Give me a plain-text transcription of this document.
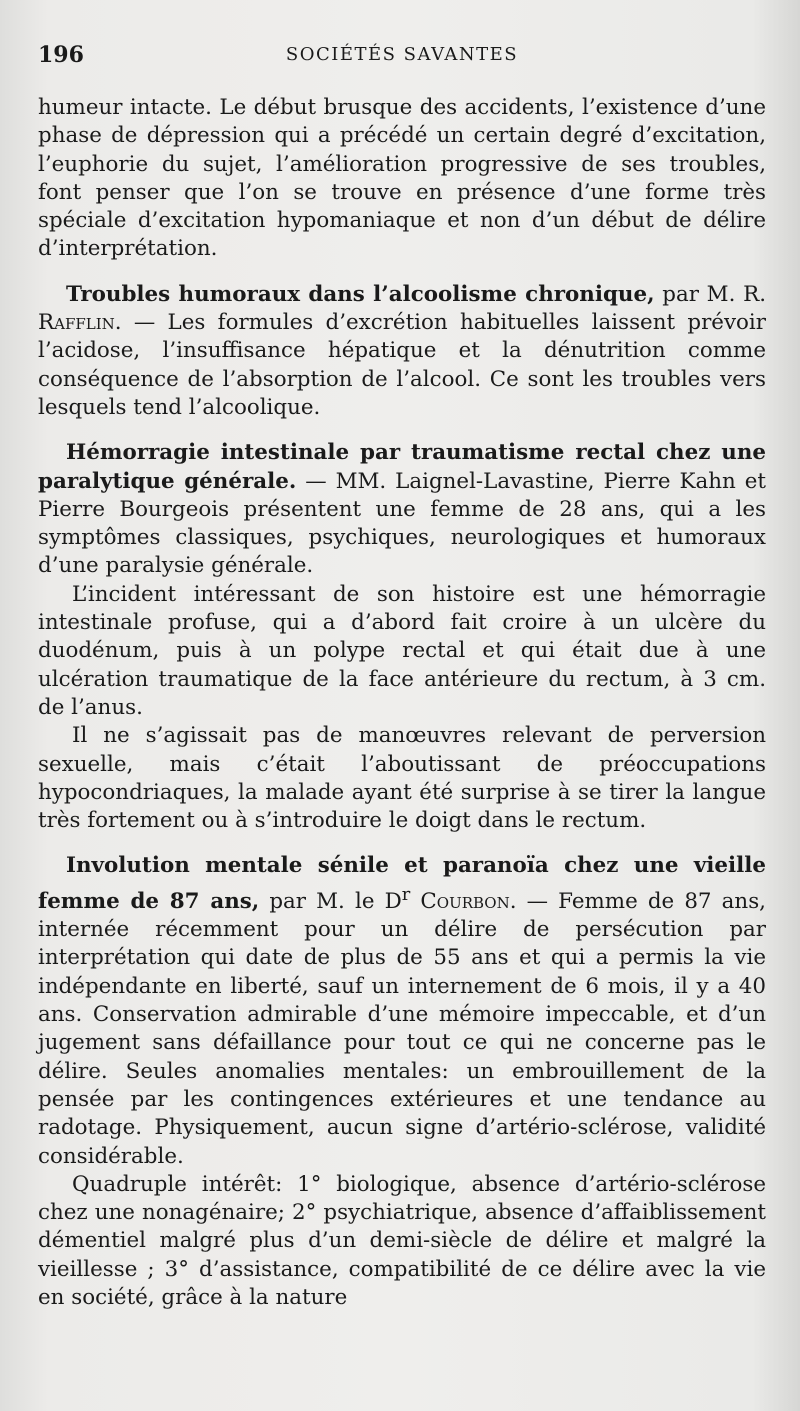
196	SOCIÉTÉS SAVANTES

humeur intacte. Le début brusque des accidents, l’existence d’une phase de dépression qui a précédé un certain degré d’excitation, l’euphorie du sujet, l’amélioration progressive de ses troubles, font penser que l’on se trouve en présence d’une forme très spéciale d’excitation hypomaniaque et non d’un début de délire d’interprétation.

Troubles humoraux dans l’alcoolisme chronique, par M. R. Rafflin. — Les formules d’excrétion habituelles laissent prévoir l’acidose, l’insuffisance hépatique et la dénutrition comme conséquence de l’absorption de l’alcool. Ce sont les troubles vers lesquels tend l’alcoolique.

Hémorragie intestinale par traumatisme rectal chez une paralytique générale. — MM. Laignel-Lavastine, Pierre Kahn et Pierre Bourgeois présentent une femme de 28 ans, qui a les symptômes classiques, psychiques, neurologiques et humoraux d’une paralysie générale.

L’incident intéressant de son histoire est une hémorragie intestinale profuse, qui a d’abord fait croire à un ulcère du duodénum, puis à un polype rectal et qui était due à une ulcération traumatique de la face antérieure du rectum, à 3 cm. de l’anus.

Il ne s’agissait pas de manœuvres relevant de perversion sexuelle, mais c’était l’aboutissant de préoccupations hypocondriaques, la malade ayant été surprise à se tirer la langue très fortement ou à s’introduire le doigt dans le rectum.

Involution mentale sénile et paranoïa chez une vieille femme de 87 ans, par M. le $D^r$ Courbon. — Femme de 87 ans, internée récemment pour un délire de persécution par interprétation qui date de plus de 55 ans et qui a permis la vie indépendante en liberté, sauf un internement de 6 mois, il y a 40 ans. Conservation admirable d’une mémoire impeccable, et d’un jugement sans défaillance pour tout ce qui ne concerne pas le délire. Seules anomalies mentales: un embrouillement de la pensée par les contingences extérieures et une tendance au radotage. Physiquement, aucun signe d’artério-sclérose, validité considérable.

Quadruple intérêt: 1° biologique, absence d’artério-sclérose chez une nonagénaire; 2° psychiatrique, absence d’affaiblissement démentiel malgré plus d’un demi-siècle de délire et malgré la vieillesse ; 3° d’assistance, compatibilité de ce délire avec la vie en société, grâce à la nature
